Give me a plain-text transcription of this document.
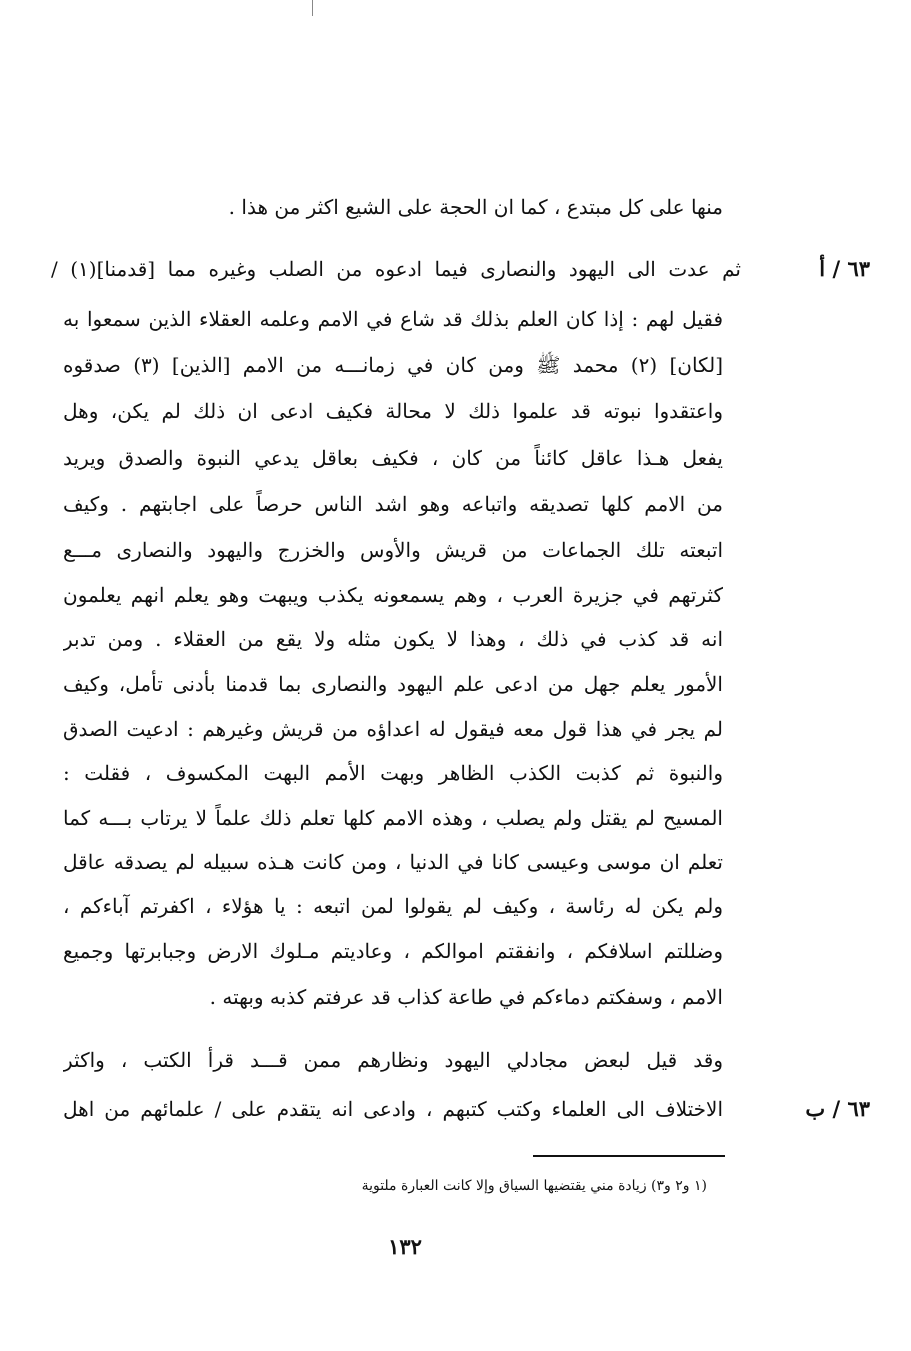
منها على كل مبتدع ، كما ان الحجة على الشيع اكثر من هذا .
٦٣ / أ
ثم عدت الى اليهود والنصارى فيما ادعوه من الصلب وغيره مما [قدمنا](١) /
فقيل لهم : إذا كان العلم بذلك قد شاع في الامم وعلمه العقلاء الذين سمعوا به
[لكان] (٢) محمد ﷺ ومن كان في زمانـــه من الامم [الذين] (٣) صدقوه
واعتقدوا نبوته قد علموا ذلك لا محالة فكيف ادعى ان ذلك لم يكن، وهل
يفعل هـذا عاقل كائناً من كان ، فكيف بعاقل يدعي النبوة والصدق ويريد
من الامم كلها تصديقه واتباعه وهو اشد الناس حرصاً على اجابتهم . وكيف
اتبعته تلك الجماعات من قريش والأوس والخزرج واليهود والنصارى مـــع
كثرتهم في جزيرة العرب ، وهم يسمعونه يكذب ويبهت وهو يعلم انهم يعلمون
انه قد كذب في ذلك ، وهذا لا يكون مثله ولا يقع من العقلاء . ومن تدبر
الأمور يعلم جهل من ادعى علم اليهود والنصارى بما قدمنا بأدنى تأمل، وكيف
لم يجر في هذا قول معه فيقول له اعداؤه من قريش وغيرهم : ادعيت الصدق
والنبوة ثم كذبت الكذب الظاهر وبهت الأمم البهت المكسوف ، فقلت :
المسيح لم يقتل ولم يصلب ، وهذه الامم كلها تعلم ذلك علماً لا يرتاب بـــه كما
تعلم ان موسى وعيسى كانا في الدنيا ، ومن كانت هـذه سبيله لم يصدقه عاقل
ولم يكن له رئاسة ، وكيف لم يقولوا لمن اتبعه : يا هؤلاء ، اكفرتم آباءكم ،
وضللتم اسلافكم ، وانفقتم اموالكم ، وعاديتم مـلوك الارض وجبابرتها وجميع
الامم ، وسفكتم دماءكم في طاعة كذاب قد عرفتم كذبه وبهته .
وقد قيل لبعض مجادلي اليهود ونظارهم ممن قـــد قرأ الكتب ، واكثر
٦٣ / ب
الاختلاف الى العلماء وكتب كتبهم ، وادعى انه يتقدم على / علمائهم من اهل
(١ و٢ و٣) زيادة مني يقتضيها السياق وإلا كانت العبارة ملتوية
١٣٢
